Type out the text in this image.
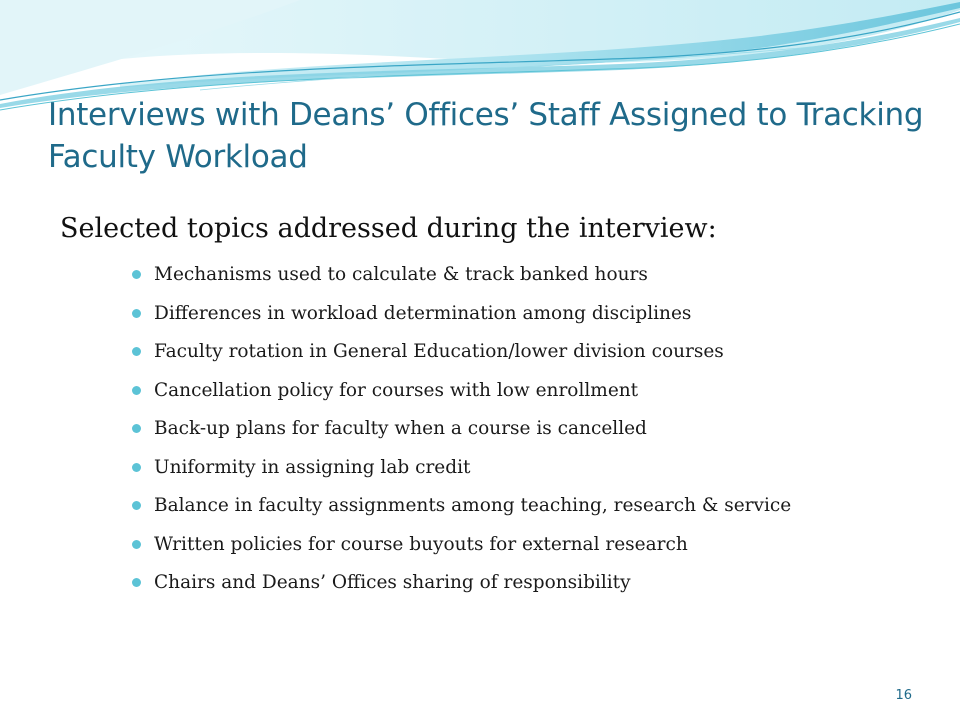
Interviews with Deans’ Offices’ Staff Assigned to Tracking Faculty Workload
Selected topics addressed during the interview:
Mechanisms used to calculate & track banked hours
Differences in workload determination among disciplines
Faculty rotation in General Education/lower division courses
Cancellation policy for courses with low enrollment
Back-up plans for faculty when a course is cancelled
Uniformity in assigning lab credit
Balance in faculty assignments among teaching, research & service
Written policies for course buyouts for external research
Chairs and Deans’ Offices sharing of responsibility
16
